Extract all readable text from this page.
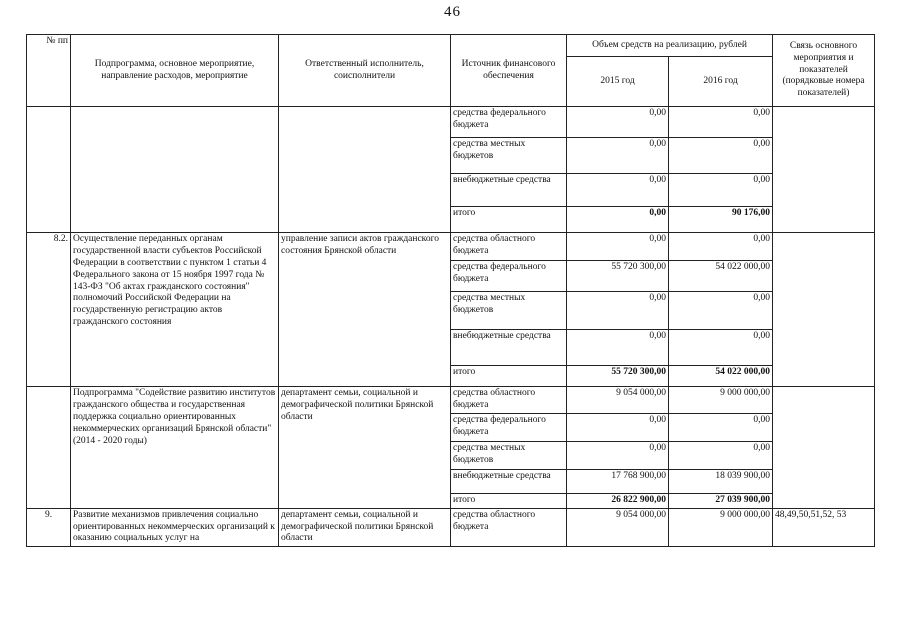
46
№ пп	Подпрограмма, основное мероприятие, направление расходов, мероприятие	Ответственный исполнитель, соисполнители	Источник финансового обеспечения	Объем средств на реализацию, рублей		Связь основного мероприятия и показателей (порядковые номера показателей)
				2015 год	2016 год	
			средства федерального бюджета	0,00	0,00	
			средства местных бюджетов	0,00	0,00	
			внебюджетные средства	0,00	0,00	
			итого	0,00	90 176,00	
8.2.	Осуществление переданных органам государственной власти субъектов Российской Федерации в соответствии с пунктом 1 статьи 4 Федерального закона от 15 ноября 1997 года № 143-ФЗ "Об актах гражданского состояния" полномочий Российской Федерации на государственную регистрацию актов гражданского состояния	управление записи актов гражданского состояния Брянской области	средства областного бюджета	0,00	0,00	
			средства федерального бюджета	55 720 300,00	54 022 000,00	
			средства местных бюджетов	0,00	0,00	
			внебюджетные средства	0,00	0,00	
			итого	55 720 300,00	54 022 000,00	
	Подпрограмма "Содействие развитию институтов гражданского общества и государственная поддержка социально ориентированных некоммерческих организаций Брянской области" (2014 - 2020 годы)	департамент семьи, социальной и демографической политики Брянской области	средства областного бюджета	9 054 000,00	9 000 000,00	
			средства федерального бюджета	0,00	0,00	
			средства местных бюджетов	0,00	0,00	
			внебюджетные средства	17 768 900,00	18 039 900,00	
			итого	26 822 900,00	27 039 900,00	
9.	Развитие механизмов привлечения социально ориентированных некоммерческих организаций к оказанию социальных услуг на	департамент семьи, социальной и демографической политики Брянской области	средства областного бюджета	9 054 000,00	9 000 000,00	48,49,50,51,52, 53
